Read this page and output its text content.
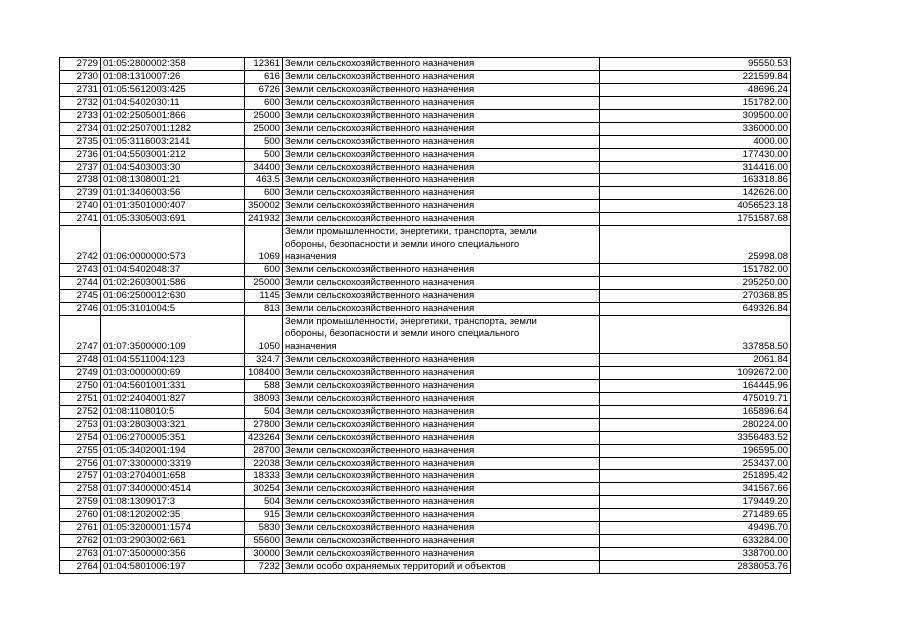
2729	01:05:2800002:358	12361	Земли сельскохозяйственного назначения	95550.53
2730	01:08:1310007:26	616	Земли сельскохозяйственного назначения	221599.84
2731	01:05:5612003:425	6726	Земли сельскохозяйственного назначения	48696.24
2732	01:04:5402030:11	600	Земли сельскохозяйственного назначения	151782.00
2733	01:02:2505001:866	25000	Земли сельскохозяйственного назначения	309500.00
2734	01:02:2507001:1282	25000	Земли сельскохозяйственного назначения	336000.00
2735	01:05:3116003:2141	500	Земли сельскохозяйственного назначения	4000.00
2736	01:04:5503001:212	500	Земли сельскохозяйственного назначения	177430.00
2737	01:04:5403003:30	34400	Земли сельскохозяйственного назначения	314416.00
2738	01:08:1308001:21	463.5	Земли сельскохозяйственного назначения	163318.86
2739	01:01:3406003:56	600	Земли сельскохозяйственного назначения	142626.00
2740	01:01:3501000:407	350002	Земли сельскохозяйственного назначения	4056523.18
2741	01:05:3305003:691	241932	Земли сельскохозяйственного назначения	1751587.68
2742	01:06:0000000:573	1069	Земли промышленности, энергетики, транспорта, земли
обороны, безопасности и земли иного специального
назначения	25998.08
2743	01:04:5402048:37	600	Земли сельскохозяйственного назначения	151782.00
2744	01:02:2603001:586	25000	Земли сельскохозяйственного назначения	295250.00
2745	01:06:2500012:630	1145	Земли сельскохозяйственного назначения	270368.85
2746	01:05:3101004:5	813	Земли сельскохозяйственного назначения	649326.84
2747	01:07:3500000:109	1050	Земли промышленности, энергетики, транспорта, земли
обороны, безопасности и земли иного специального
назначения	337858.50
2748	01:04:5511004:123	324.7	Земли сельскохозяйственного назначения	2061.84
2749	01:03:0000000:69	108400	Земли сельскохозяйственного назначения	1092672.00
2750	01:04:5601001:331	588	Земли сельскохозяйственного назначения	164445.96
2751	01:02:2404001:827	38093	Земли сельскохозяйственного назначения	475019.71
2752	01:08:1108010:5	504	Земли сельскохозяйственного назначения	165896.64
2753	01:03:2803003:321	27800	Земли сельскохозяйственного назначения	280224.00
2754	01:06:2700005:351	423264	Земли сельскохозяйственного назначения	3356483.52
2755	01:05:3402001:194	28700	Земли сельскохозяйственного назначения	196595.00
2756	01:07:3300000:3319	22038	Земли сельскохозяйственного назначения	253437.00
2757	01:03:2704001:658	18333	Земли сельскохозяйственного назначения	251895.42
2758	01:07:3400000:4514	30254	Земли сельскохозяйственного назначения	341567.66
2759	01:08:1309017:3	504	Земли сельскохозяйственного назначения	179449.20
2760	01:08:1202002:35	915	Земли сельскохозяйственного назначения	271489.65
2761	01:05:3200001:1574	5830	Земли сельскохозяйственного назначения	49496.70
2762	01:03:2903002:661	55600	Земли сельскохозяйственного назначения	633284.00
2763	01:07:3500000:356	30000	Земли сельскохозяйственного назначения	338700.00
2764	01:04:5801006:197	7232	Земли особо охраняемых территорий и объектов	2838053.76
